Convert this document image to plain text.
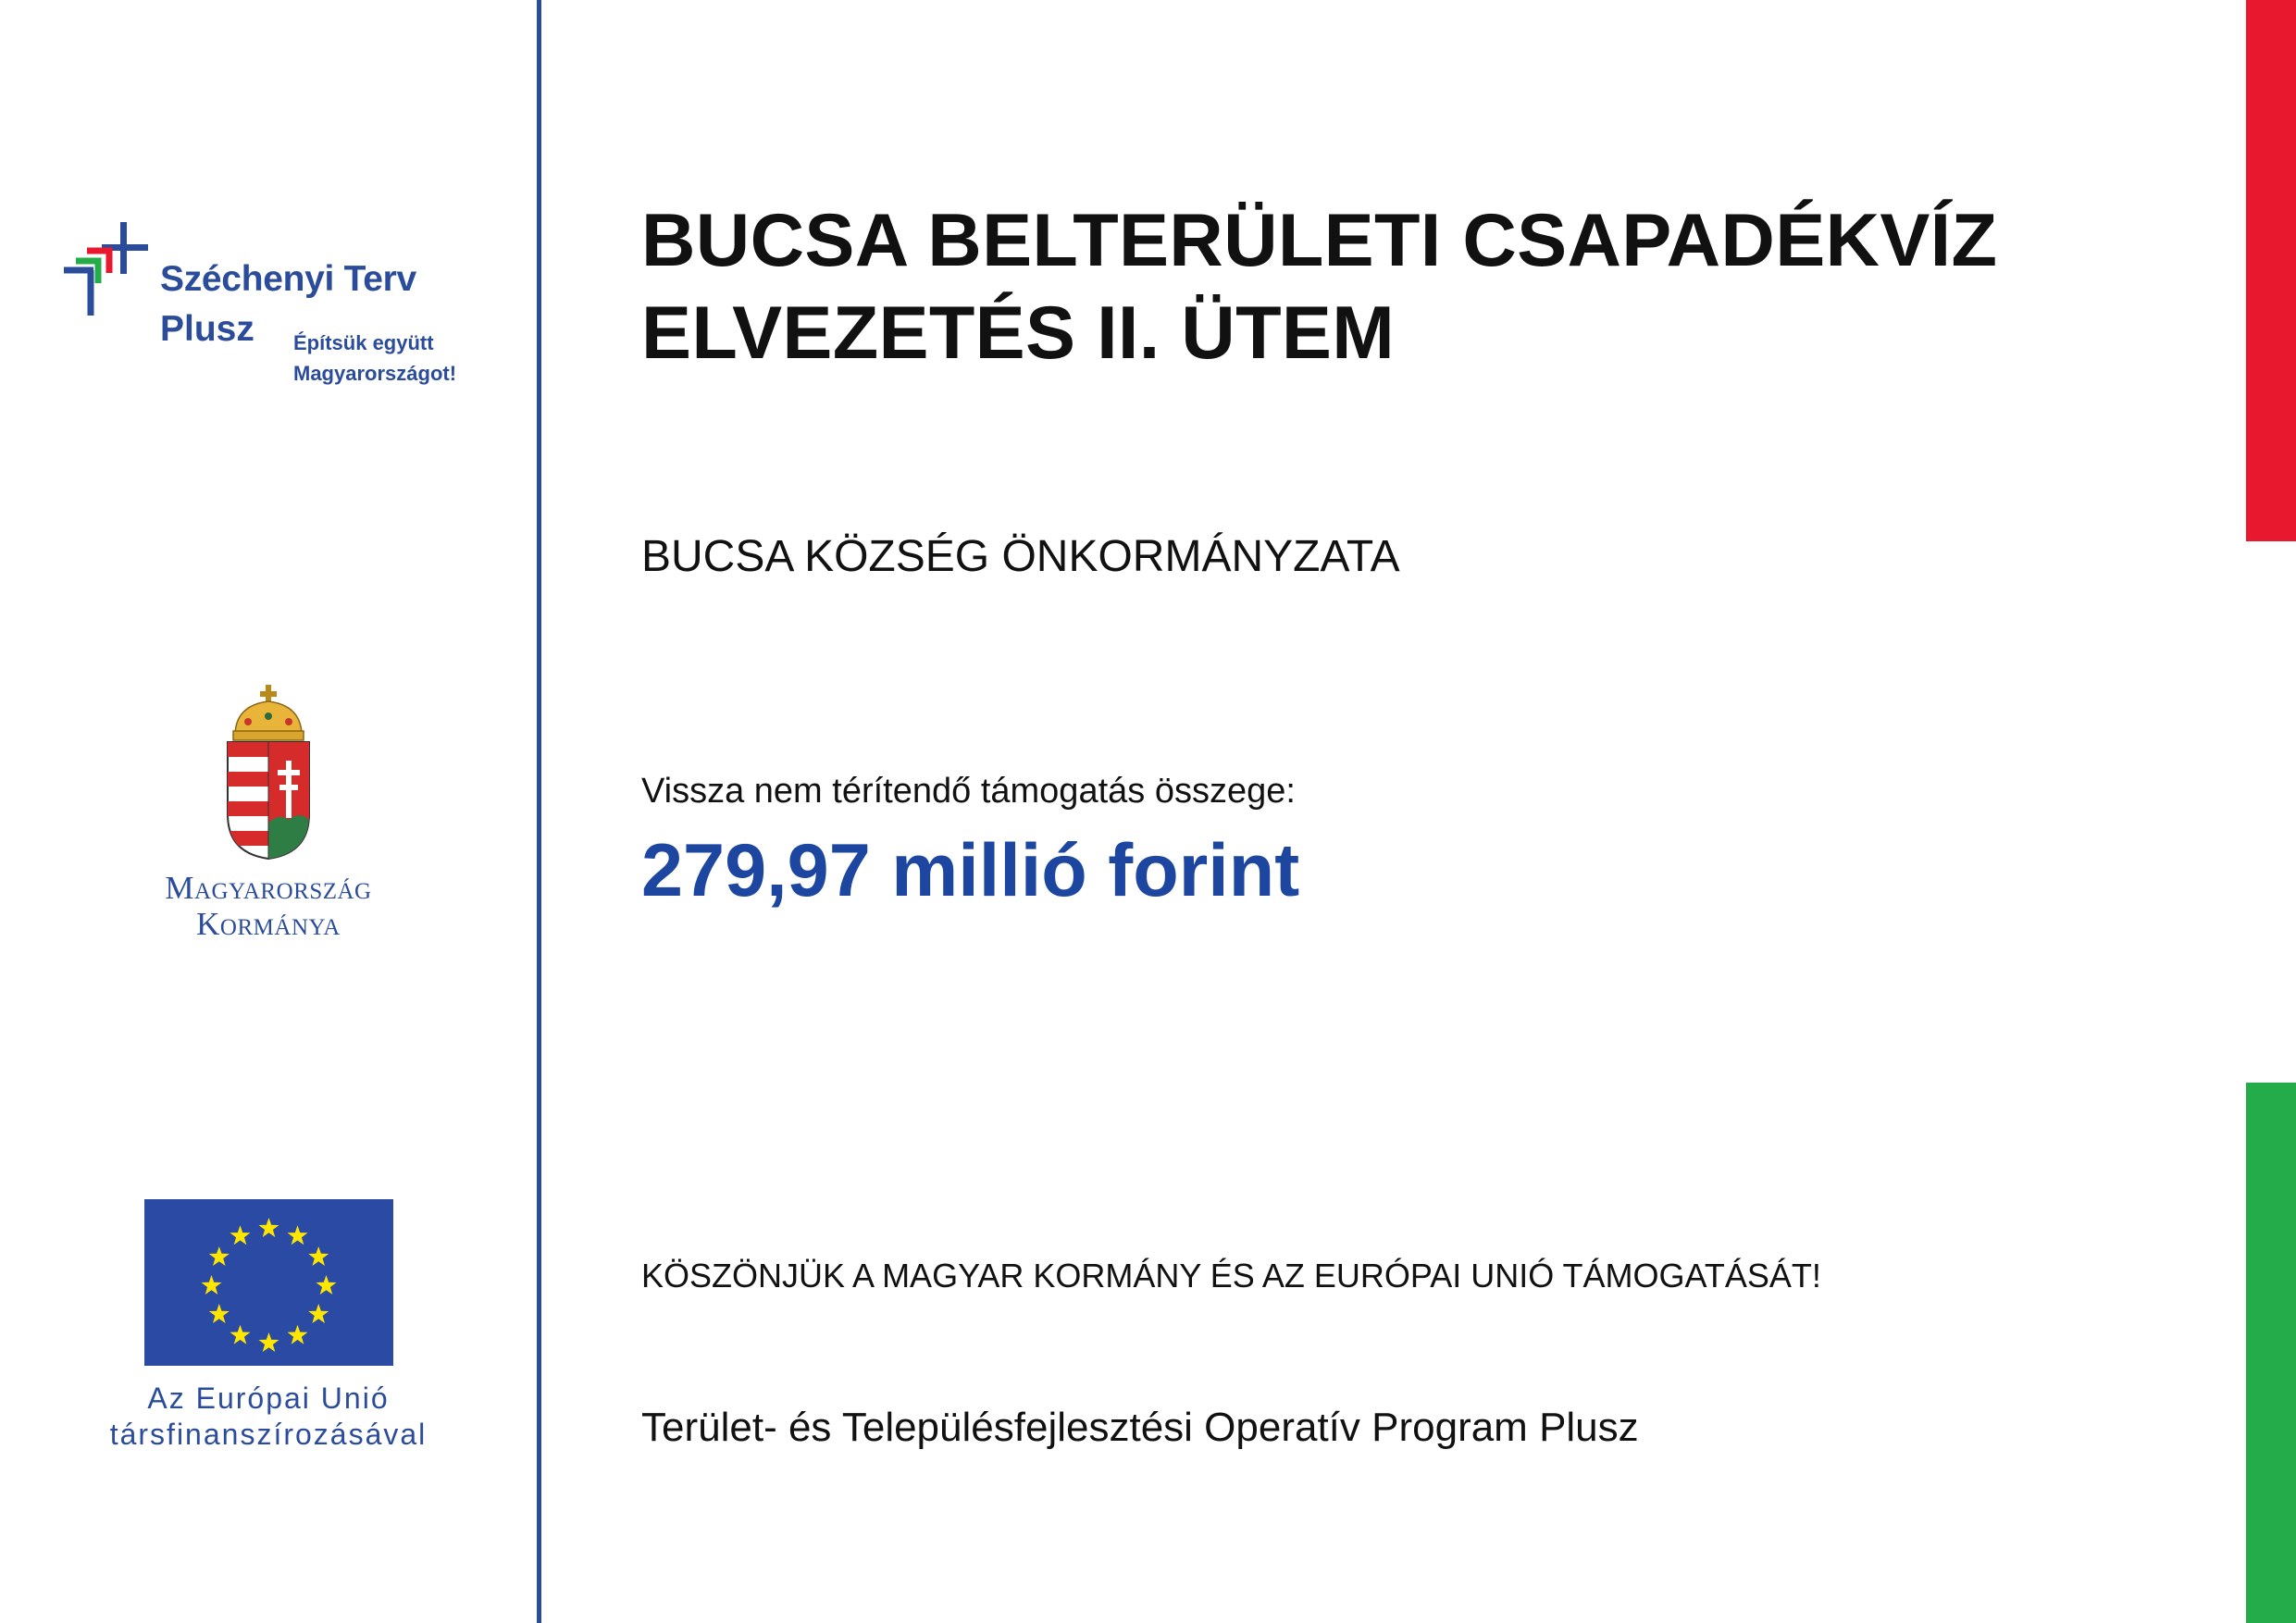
Széchenyi Terv
Plusz Építsük együtt
Magyarországot!
Magyarország
Kormánya
Az Európai Unió
társfinanszírozásával
BUCSA BELTERÜLETI CSAPADÉKVÍZ
ELVEZETÉS II. ÜTEM
BUCSA KÖZSÉG ÖNKORMÁNYZATA
Vissza nem térítendő támogatás összege:
279,97 millió forint
KÖSZÖNJÜK A MAGYAR KORMÁNY ÉS AZ EURÓPAI UNIÓ TÁMOGATÁSÁT!
Terület- és Településfejlesztési Operatív Program Plusz
